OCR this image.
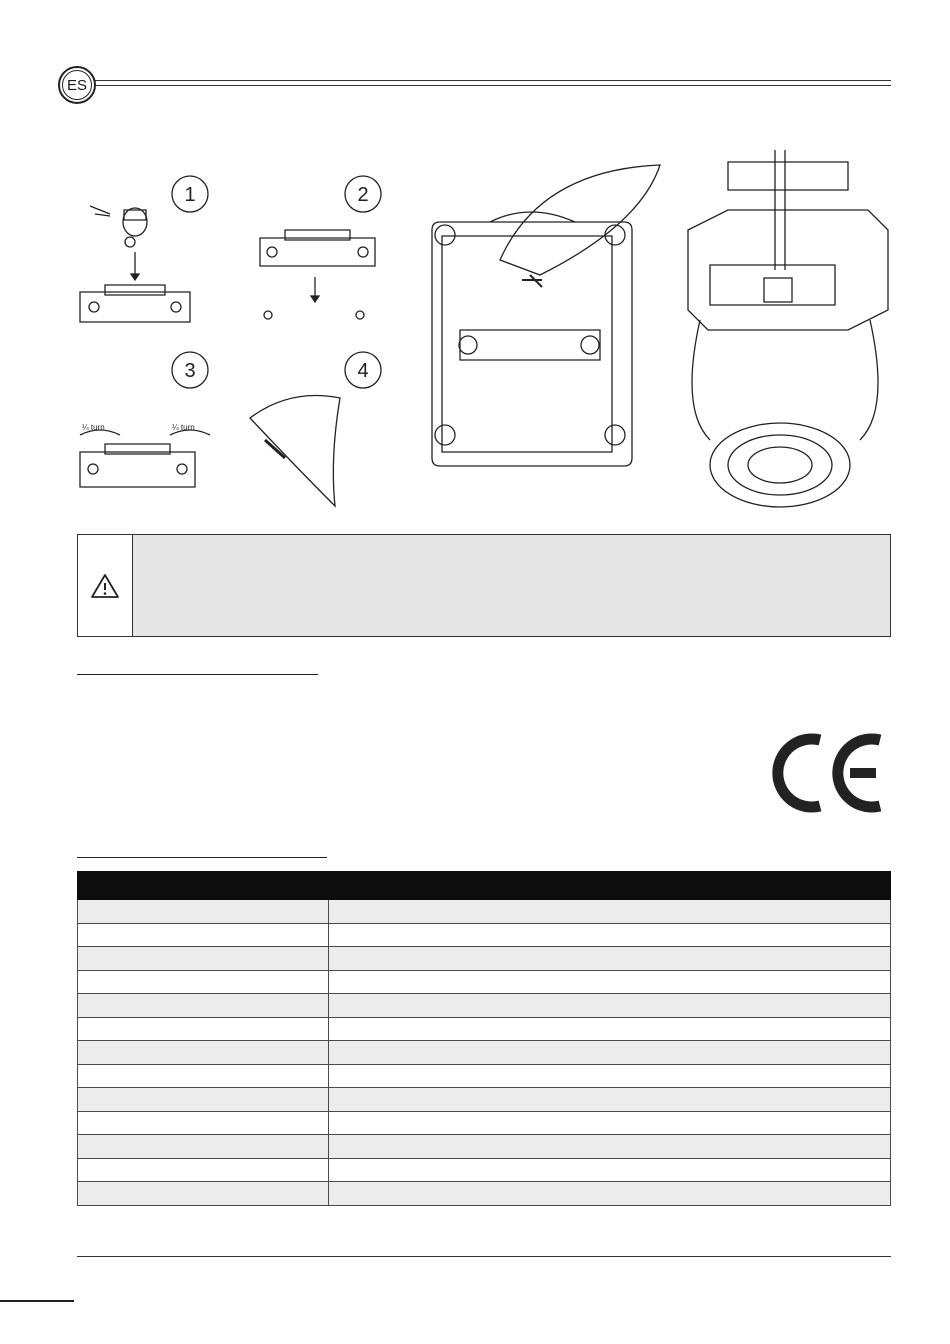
ES
1	2
3	4
¼ turn	¼ turn
